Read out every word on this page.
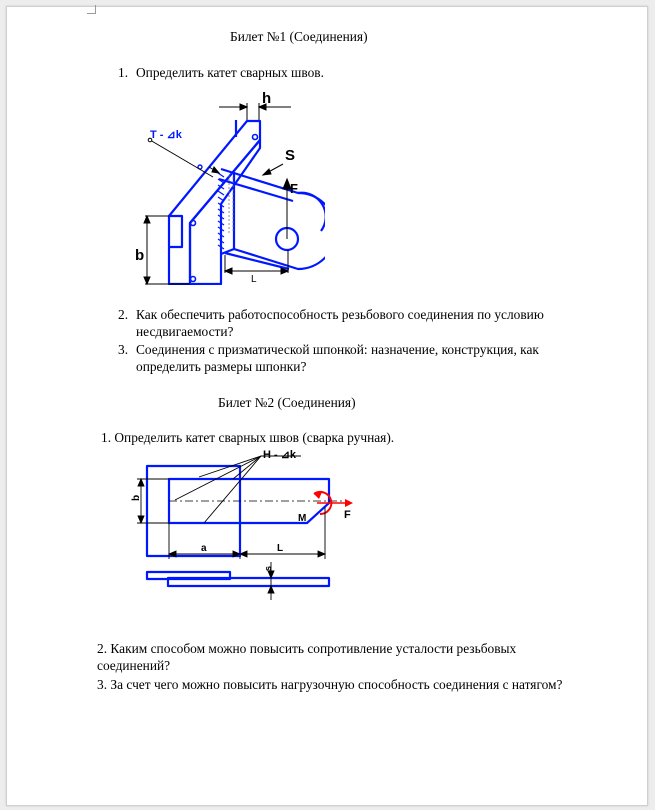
Билет №1 (Соединения)
1. Определить катет сварных швов.
Т - ⊿k
h
S
F
b
L
2. Как обеспечить работоспособность резьбового соединения по условию
несдвигаемости?
3. Соединения с призматической шпонкой: назначение, конструкция, как
определить размеры шпонки?
Билет №2 (Соединения)
1. Определить катет сварных швов (сварка ручная).
Н - ⊿k
b
M	F
a	L
s
2. Каким способом можно повысить сопротивление усталости резьбовых
соединений?
3. За счет чего можно повысить нагрузочную способность соединения с натягом?
